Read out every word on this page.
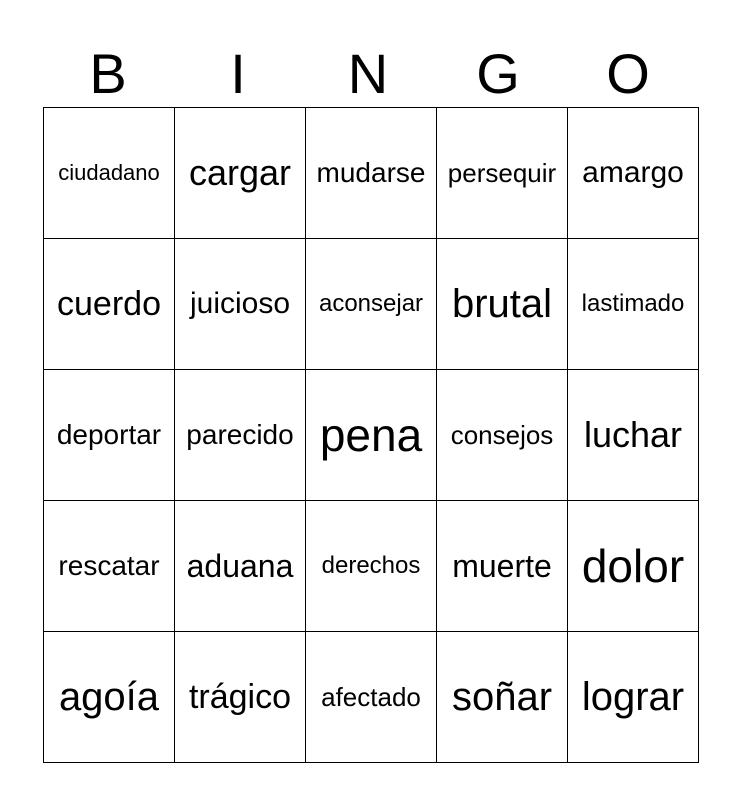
B	I	N	G	O
ciudadano	cargar	mudarse	persequir	amargo
cuerdo	juicioso	aconsejar	brutal	lastimado
deportar	parecido	pena	consejos	luchar
rescatar	aduana	derechos	muerte	dolor
agoía	trágico	afectado	soñar	lograr
